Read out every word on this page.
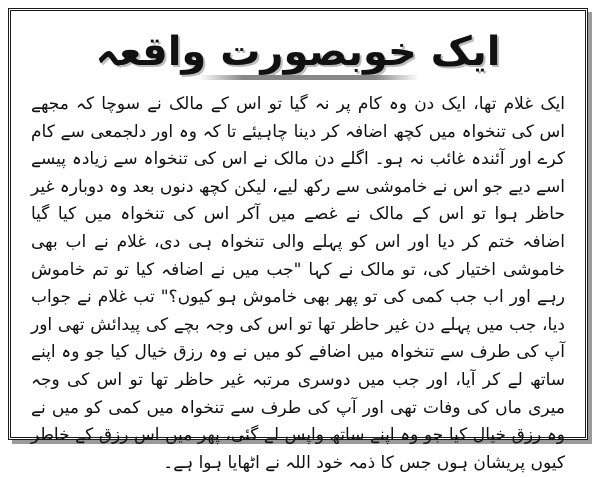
ایک خوبصورت واقعہ
ایک غلام تھا، ایک دن وہ کام پر نہ گیا تو اس کے مالک نے سوچا کہ مجھے اس کی تنخواہ میں کچھ اضافہ کر دینا چاہیئے تا کہ وہ اور دلجمعی سے کام کرے اور آئندہ غائب نہ ہو۔ اگلے دن مالک نے اس کی تنخواہ سے زیادہ پیسے اسے دیے جو اس نے خاموشی سے رکھ لیے، لیکن کچھ دنوں بعد وہ دوبارہ غیر حاظر ہوا تو اس کے مالک نے غصے میں آکر اس کی تنخواہ میں کیا گیا اضافہ ختم کر دیا اور اس کو پہلے والی تنخواہ ہی دی، غلام نے اب بھی خاموشی اختیار کی، تو مالک نے کہا "جب میں نے اضافہ کیا تو تم خاموش رہے اور اب جب کمی کی تو پھر بھی خاموش ہو کیوں؟" تب غلام نے جواب دیا، جب میں پہلے دن غیر حاظر تھا تو اس کی وجہ بچے کی پیدائش تھی اور آپ کی طرف سے تنخواہ میں اضافے کو میں نے وہ رزق خیال کیا جو وہ اپنے ساتھ لے کر آیا، اور جب میں دوسری مرتبہ غیر حاظر تھا تو اس کی وجہ میری ماں کی وفات تھی اور آپ کی طرف سے تنخواہ میں کمی کو میں نے وہ رزق خیال کیا جو وہ اپنے ساتھ واپس لے گئی، پھر میں اس رزق کے خاطر کیوں پریشان ہوں جس کا ذمہ خود اللہ نے اٹھایا ہوا ہے۔
